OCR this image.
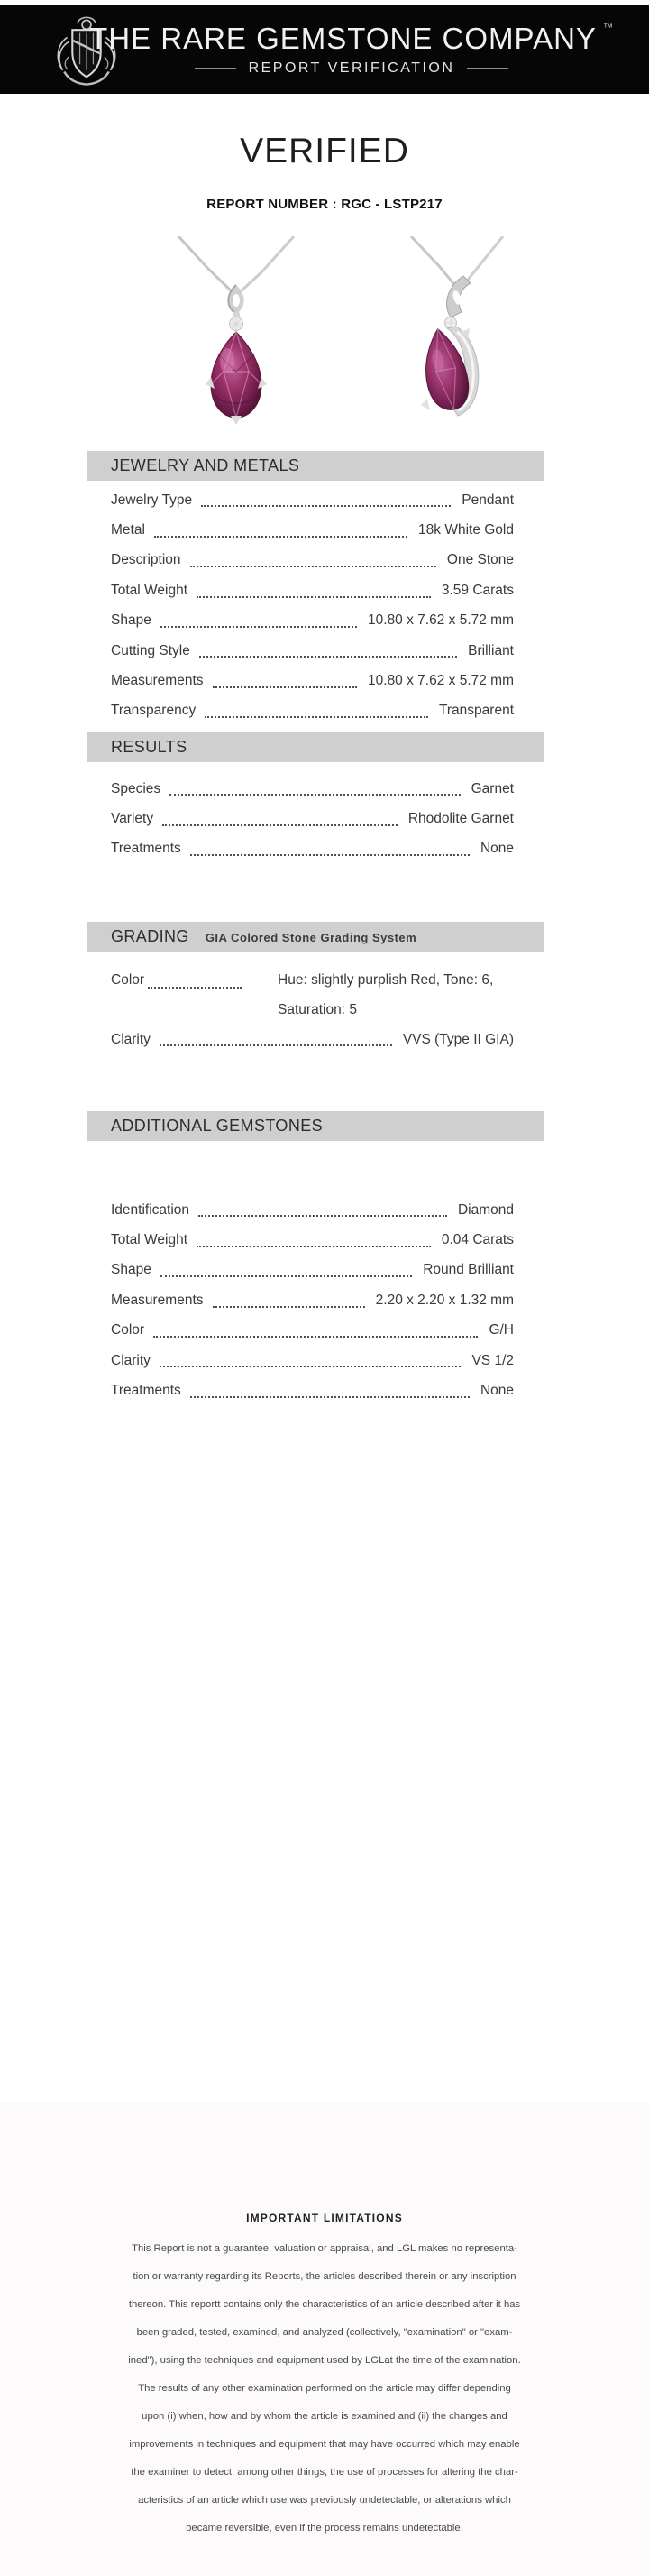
THE RARE GEMSTONE COMPANY ™
REPORT VERIFICATION
VERIFIED
REPORT NUMBER : RGC - LSTP217
JEWELRY AND METALS
Jewelry Type	Pendant
Metal	18k White Gold
Description	One Stone
Total Weight	3.59 Carats
Shape	10.80 x 7.62 x 5.72 mm
Cutting Style	Brilliant
Measurements	10.80 x 7.62 x 5.72 mm
Transparency	Transparent
RESULTS
Species	Garnet
Variety	Rhodolite Garnet
Treatments	None
GRADING GIA Colored Stone Grading System
Color	Hue: slightly purplish Red, Tone: 6,
Saturation: 5
Clarity	VVS (Type II GIA)
ADDITIONAL GEMSTONES
Identification	Diamond
Total Weight	0.04 Carats
Shape	Round Brilliant
Measurements	2.20 x 2.20 x 1.32 mm
Color	G/H
Clarity	VS 1/2
Treatments	None
IMPORTANT LIMITATIONS
This Report is not a guarantee, valuation or appraisal, and LGL makes no representa-
tion or warranty regarding its Reports, the articles described therein or any inscription
thereon. This reportt contains only the characteristics of an article described after it has
been graded, tested, examined, and analyzed (collectively, "examination" or "exam-
ined"), using the techniques and equipment used by LGLat the time of the examination.
The results of any other examination performed on the article may differ depending
upon (i) when, how and by whom the article is examined and (ii) the changes and
improvements in techniques and equipment that may have occurred which may enable
the examiner to detect, among other things, the use of processes for altering the char-
acteristics of an article which use was previously undetectable, or alterations which
became reversible, even if the process remains undetectable.
